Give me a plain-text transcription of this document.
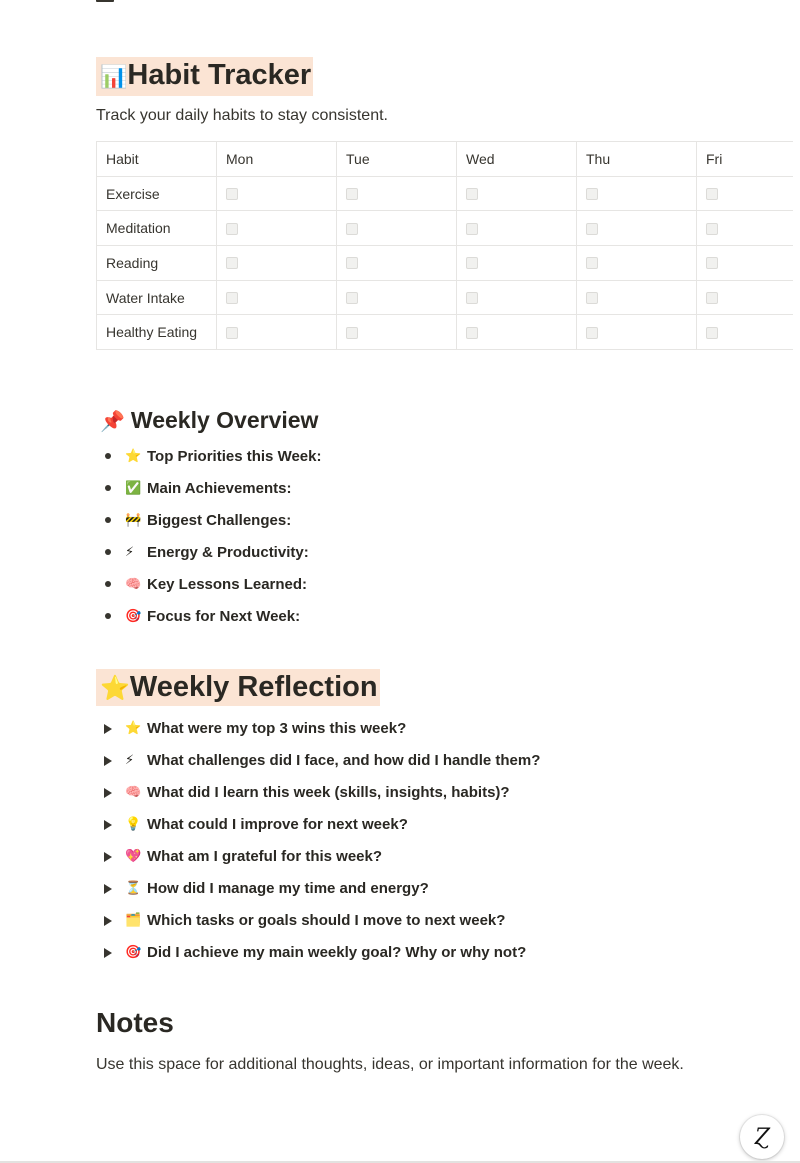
📊Habit Tracker
Track your daily habits to stay consistent.
Habit	Mon	Tue	Wed	Thu	Fri
Exercise					
Meditation					
Reading					
Water Intake					
Healthy Eating					
📌 Weekly Overview
⭐ Top Priorities this Week:
✅ Main Achievements:
🚧 Biggest Challenges:
⚡ Energy & Productivity:
🧠 Key Lessons Learned:
🎯 Focus for Next Week:
⭐Weekly Reflection
⭐ What were my top 3 wins this week?
⚡ What challenges did I face, and how did I handle them?
🧠 What did I learn this week (skills, insights, habits)?
💡 What could I improve for next week?
💖 What am I grateful for this week?
⏳ How did I manage my time and energy?
🗂️ Which tasks or goals should I move to next week?
🎯 Did I achieve my main weekly goal? Why or why not?
Notes
Use this space for additional thoughts, ideas, or important information for the week.
Ɀ
